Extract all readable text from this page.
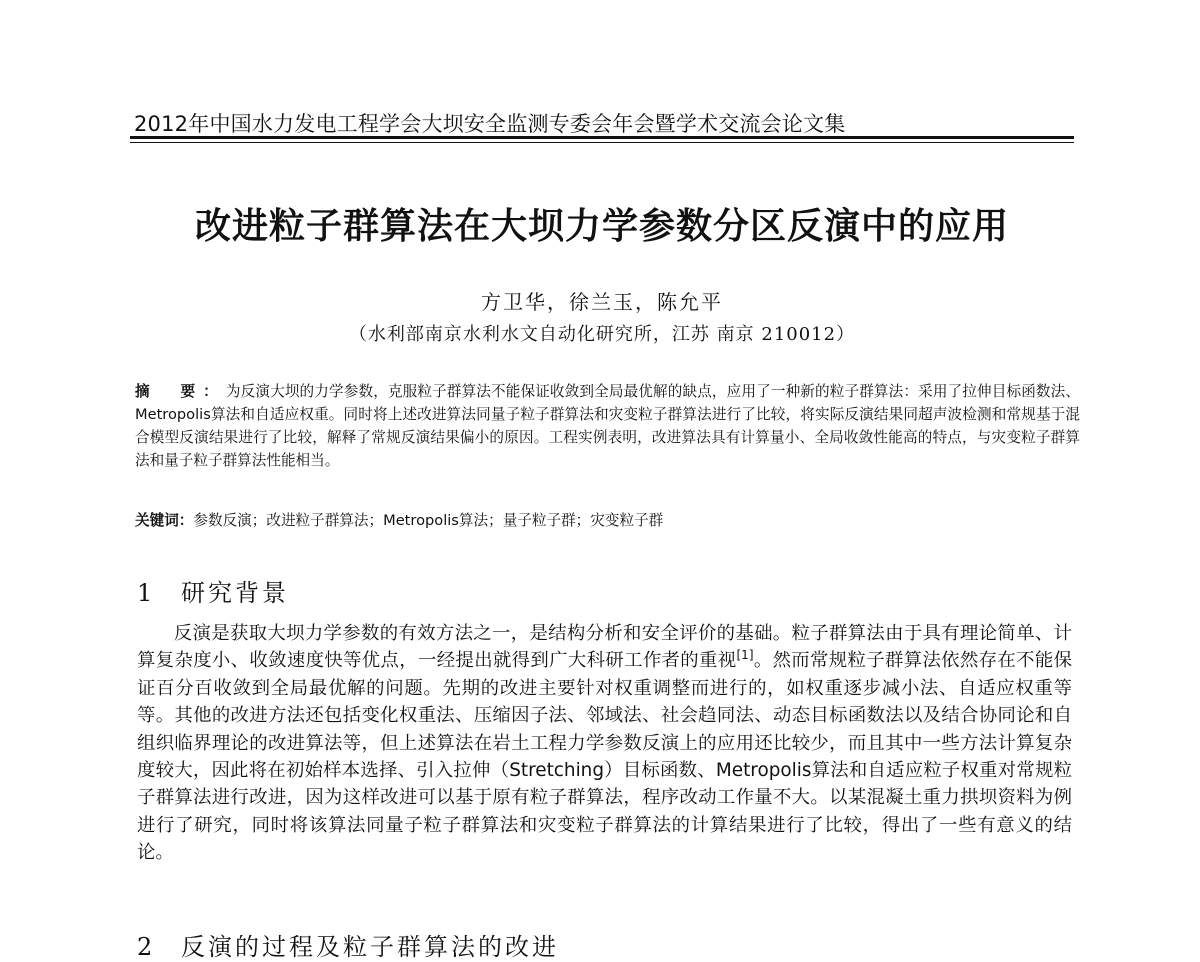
2012年中国水力发电工程学会大坝安全监测专委会年会暨学术交流会论文集
改进粒子群算法在大坝力学参数分区反演中的应用
方卫华，徐兰玉，陈允平
（水利部南京水利水文自动化研究所，江苏 南京 210012）
摘　要：为反演大坝的力学参数，克服粒子群算法不能保证收敛到全局最优解的缺点，应用了一种新的粒子群算法：采用了拉伸目标函数法、Metropolis算法和自适应权重。同时将上述改进算法同量子粒子群算法和灾变粒子群算法进行了比较，将实际反演结果同超声波检测和常规基于混合模型反演结果进行了比较，解释了常规反演结果偏小的原因。工程实例表明，改进算法具有计算量小、全局收敛性能高的特点，与灾变粒子群算法和量子粒子群算法性能相当。
关键词：参数反演；改进粒子群算法；Metropolis算法；量子粒子群；灾变粒子群
1 研究背景
反演是获取大坝力学参数的有效方法之一，是结构分析和安全评价的基础。粒子群算法由于具有理论简单、计算复杂度小、收敛速度快等优点，一经提出就得到广大科研工作者的重视[1]。然而常规粒子群算法依然存在不能保证百分百收敛到全局最优解的问题。先期的改进主要针对权重调整而进行的，如权重逐步减小法、自适应权重等等。其他的改进方法还包括变化权重法、压缩因子法、邻域法、社会趋同法、动态目标函数法以及结合协同论和自组织临界理论的改进算法等，但上述算法在岩土工程力学参数反演上的应用还比较少，而且其中一些方法计算复杂度较大，因此将在初始样本选择、引入拉伸（Stretching）目标函数、Metropolis算法和自适应粒子权重对常规粒子群算法进行改进，因为这样改进可以基于原有粒子群算法，程序改动工作量不大。以某混凝土重力拱坝资料为例进行了研究，同时将该算法同量子粒子群算法和灾变粒子群算法的计算结果进行了比较，得出了一些有意义的结论。
2 反演的过程及粒子群算法的改进
